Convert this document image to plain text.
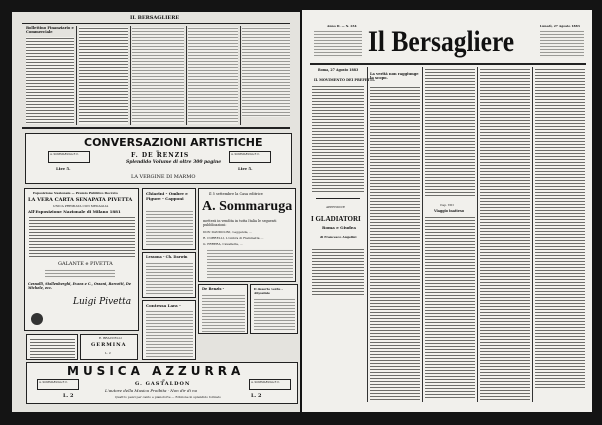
IL BERSAGLIERE
Bollettino Finanziario e Commerciale
CONVERSAZIONI ARTISTICHE
di
F. DE RENZIS
Splendido Volume di oltre 300 pagine
A. SOMMARUGA E C.
Lire 5.
A. SOMMARUGA E C.
Lire 5.
LA VERGINE DI MARMO
Esposizione Nazionale — Premio Pubblico Decreto
LA VERA CARTA SENAPATA PIVETTA
UNICA PREMIATA CON MEDAGLIA
All'Esposizione Nazionale di Milano 1881
GALANTE e PIVETTA
Cesnolli, Stallenberghi, Evans e C., Ossani, Barcetti, De Michele, ecc.
Luigi Pivetta
Chiarini - Ombre e Figure - Capponi
Lessona - Ch. Darwin
Contessa Lara -
Il 5 settembre la Casa editrice
A. Sommaruga
metterà in vendita in tutta Italia le seguenti pubblicazioni:
DON DANDOLINI, Leggende, ...
R. CORRELLI, L'ombra di Fiammetta ...
G. ERRERA, Cavalleria, ...
De Renzis -	Il deserto verde - Abyssinie
E. BRACCELLI
GERMINA
L. 2
MUSICA AZZURRA
di
G. GASTALDON
L'autore della Musica Proibita · Non dir di no
Quattro pezzi per canto e pianoforte — Edizione in splendido formato
A. SOMMARUGA E C.
L. 2
A. SOMMARUGA E C.
L. 2
Anno II. — N. 234 Il Bersagliere	Lunedì, 27 Agosto 1883
Roma, 27 Agosto 1883
IL MOVIMENTO DEI PREFETTI.
APPENDICE
I GLADIATORI
Roma e Giudea
di Francesco Angelini
La verità non raggiunge lo scopo.
Cap. VIII
Viaggio inatteso
